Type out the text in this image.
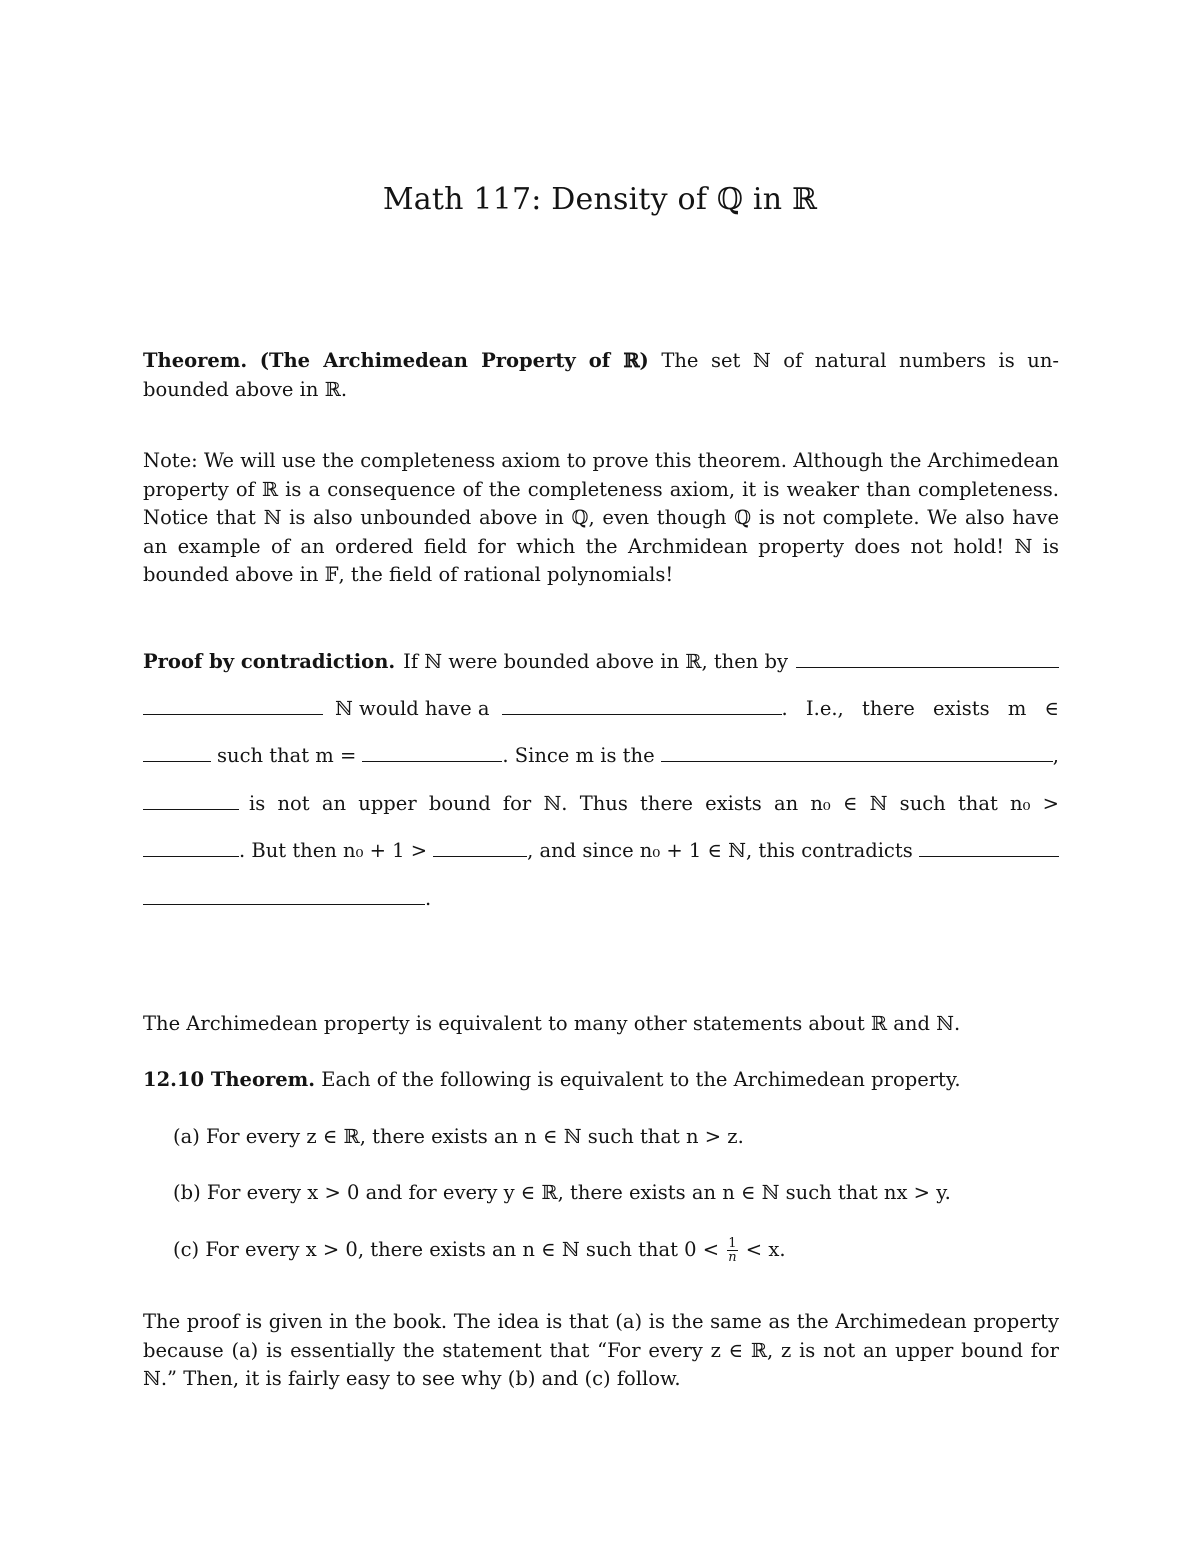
Math 117: Density of ℚ in ℝ

Theorem. (The Archimedean Property of ℝ) The set ℕ of natural numbers is un-bounded above in ℝ.

Note: We will use the completeness axiom to prove this theorem. Although the Archimedean property of ℝ is a consequence of the completeness axiom, it is weaker than completeness. Notice that ℕ is also unbounded above in ℚ, even though ℚ is not complete. We also have an example of an ordered field for which the Archmidean property does not hold! ℕ is bounded above in 𝔽, the field of rational polynomials!

Proof by contradiction. If ℕ were bounded above in ℝ, then by
ℕ would have a	. I.e., there exists m ∈
such that m =	. Since m is the	,
is not an upper bound for ℕ. Thus there exists an n₀ ∈ ℕ such that n₀ >
. But then n₀ + 1 >	, and since n₀ + 1 ∈ ℕ, this contradicts
.
The Archimedean property is equivalent to many other statements about ℝ and ℕ.
12.10 Theorem. Each of the following is equivalent to the Archimedean property.
(a) For every z ∈ ℝ, there exists an n ∈ ℕ such that n > z.
(b) For every x > 0 and for every y ∈ ℝ, there exists an n ∈ ℕ such that nx > y.
(c) For every x > 0, there exists an n ∈ ℕ such that $0 < \frac{1}{n} < x$.

The proof is given in the book. The idea is that (a) is the same as the Archimedean property because (a) is essentially the statement that “For every z ∈ ℝ, z is not an upper bound for ℕ.” Then, it is fairly easy to see why (b) and (c) follow.
